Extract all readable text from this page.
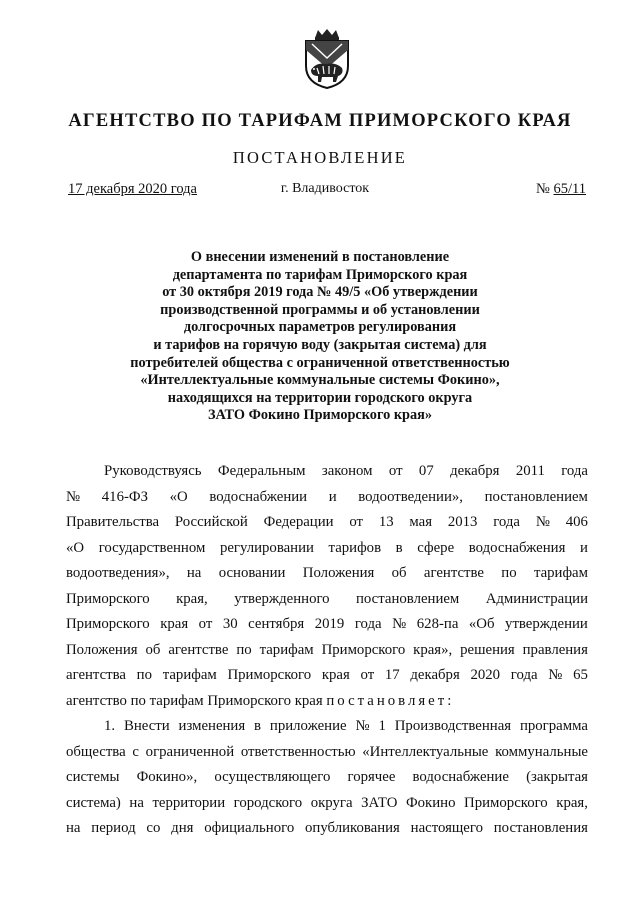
АГЕНТСТВО ПО ТАРИФАМ ПРИМОРСКОГО КРАЯ
ПОСТАНОВЛЕНИЕ
17 декабря 2020 года	г. Владивосток	№ 65/11
О внесении изменений в постановление
департамента по тарифам Приморского края
от 30 октября 2019 года № 49/5 «Об утверждении
производственной программы и об установлении
долгосрочных параметров регулирования
и тарифов на горячую воду (закрытая система) для
потребителей общества с ограниченной ответственностью
«Интеллектуальные коммунальные системы Фокино»,
находящихся на территории городского округа
ЗАТО Фокино Приморского края»
Руководствуясь Федеральным законом от 07 декабря 2011 года
№ 416-ФЗ «О водоснабжении и водоотведении», постановлением
Правительства Российской Федерации от 13 мая 2013 года № 406
«О государственном регулировании тарифов в сфере водоснабжения и
водоотведения», на основании Положения об агентстве по тарифам
Приморского края, утвержденного постановлением Администрации
Приморского края от 30 сентября 2019 года № 628-па «Об утверждении
Положения об агентстве по тарифам Приморского края», решения правления
агентства по тарифам Приморского края от 17 декабря 2020 года № 65
агентство по тарифам Приморского края
постановляет:
1. Внести изменения в приложение № 1 Производственная программа
общества с ограниченной ответственностью «Интеллектуальные коммунальные
системы Фокино», осуществляющего горячее водоснабжение (закрытая
система) на территории городского округа ЗАТО Фокино Приморского края,
на период со дня официального опубликования настоящего постановления
